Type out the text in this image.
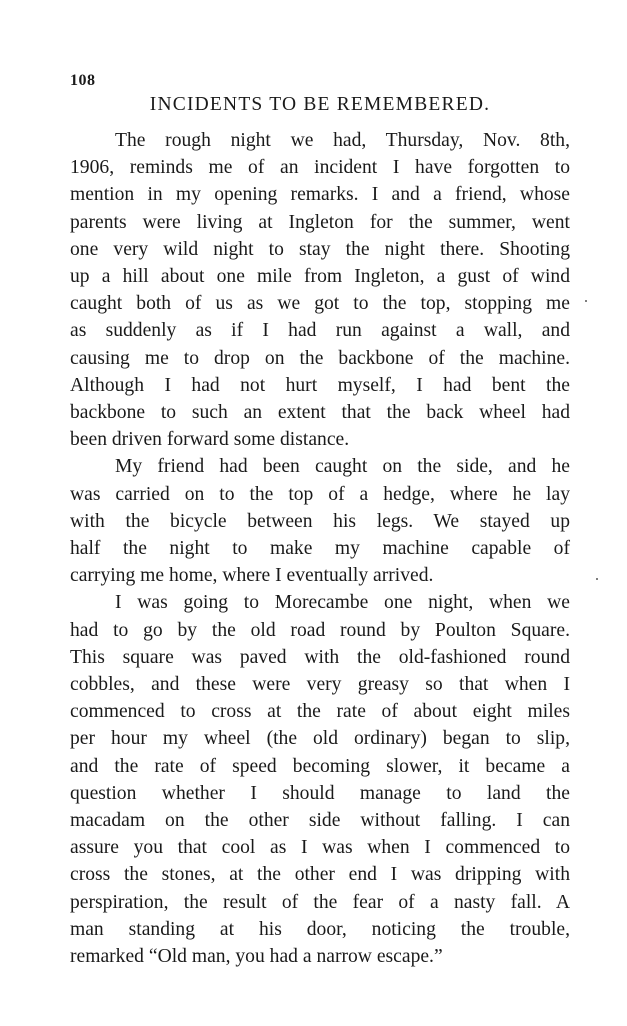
108
INCIDENTS TO BE REMEMBERED.
The rough night we had, Thursday, Nov. 8th,
1906, reminds me of an incident I have forgotten to
mention in my opening remarks. I and a friend, whose
parents were living at Ingleton for the summer, went
one very wild night to stay the night there. Shooting
up a hill about one mile from Ingleton, a gust of wind
caught both of us as we got to the top, stopping me
as suddenly as if I had run against a wall, and
causing me to drop on the backbone of the machine.
Although I had not hurt myself, I had bent the
backbone to such an extent that the back wheel had
been driven forward some distance.
My friend had been caught on the side, and he
was carried on to the top of a hedge, where he lay
with the bicycle between his legs. We stayed up
half the night to make my machine capable of
carrying me home, where I eventually arrived.
I was going to Morecambe one night, when we
had to go by the old road round by Poulton Square.
This square was paved with the old-fashioned round
cobbles, and these were very greasy so that when I
commenced to cross at the rate of about eight miles
per hour my wheel (the old ordinary) began to slip,
and the rate of speed becoming slower, it became a
question whether I should manage to land the
macadam on the other side without falling. I can
assure you that cool as I was when I commenced to
cross the stones, at the other end I was dripping with
perspiration, the result of the fear of a nasty fall. A
man standing at his door, noticing the trouble,
remarked “Old man, you had a narrow escape.”
